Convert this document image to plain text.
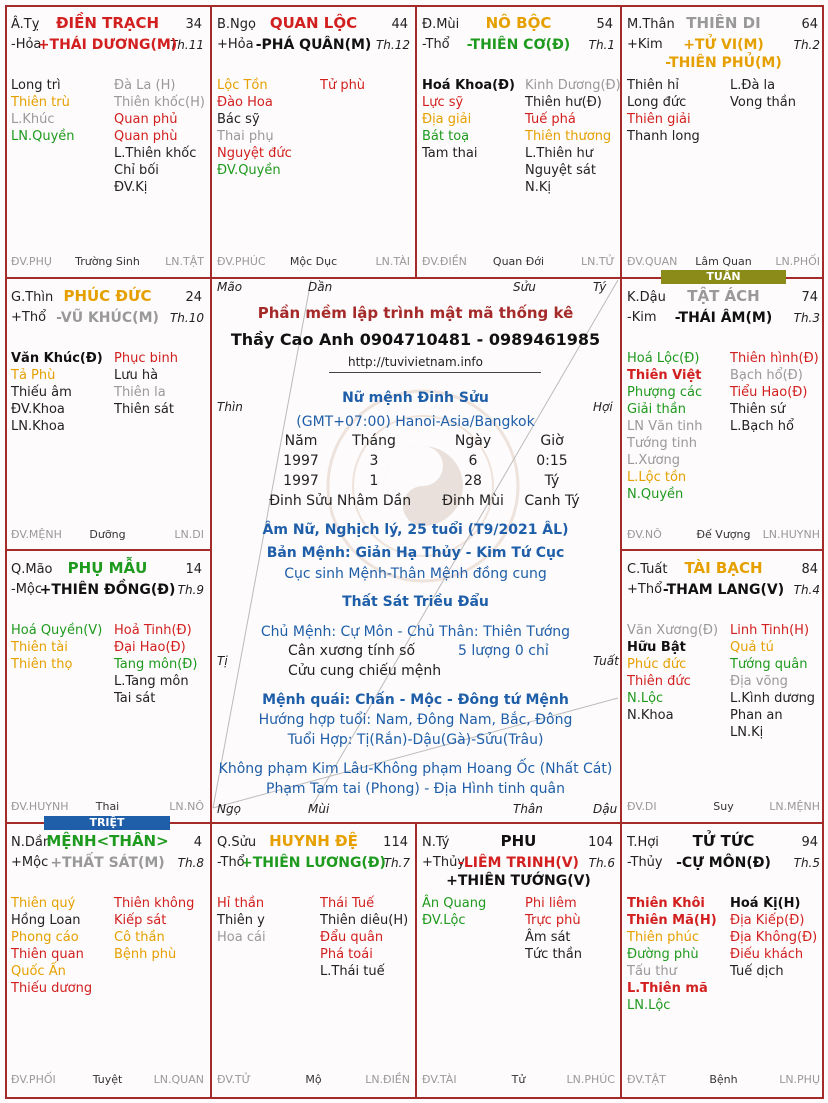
Â.Tỵ
-Hỏa
ĐIỀN TRẠCH	34
Th.11
+THÁI DƯƠNG(M)
Long trì
Thiên trù
L.Khúc
LN.Quyền
Đà La (H)
Thiên khốc(H)
Quan phủ
Quan phù
L.Thiên khốc
Chỉ bối
ĐV.Kị
ĐV.PHỤ	Trường Sinh	LN.TẬT
B.Ngọ
+Hỏa
QUAN LỘC	44
Th.12
-PHÁ QUÂN(M)
Lộc Tồn
Đào Hoa
Bác sỹ
Thai phụ
Nguyệt đức
ĐV.Quyền
Tử phù
ĐV.PHÚC	Mộc Dục	LN.TÀI
Đ.Mùi
-Thổ
NÔ BỘC	54
Th.1
-THIÊN CƠ(Đ)
Hoá Khoa(Đ)
Lực sỹ
Địa giải
Bát toạ
Tam thai
Kinh Dương(Đ)
Thiên hư(Đ)
Tuế phá
Thiên thương
L.Thiên hư
Nguyệt sát
N.Kị
ĐV.ĐIỀN	Quan Đới	LN.TỬ
M.Thân
+Kim
THIÊN DI	64
Th.2
+TỬ VI(M)
-THIÊN PHỦ(M)
Thiên hỉ
Long đức
Thiên giải
Thanh long
L.Đà la
Vong thần
ĐV.QUAN	Lâm Quan	LN.PHỐI
G.Thìn
+Thổ
PHÚC ĐỨC	24
Th.10
-VŨ KHÚC(M)
Văn Khúc(Đ)
Tả Phù
Thiếu âm
ĐV.Khoa
LN.Khoa
Phục binh
Lưu hà
Thiên la
Thiên sát
ĐV.MỆNH	Dưỡng	LN.DI
K.Dậu
-Kim
TẬT ÁCH	74
Th.3
-THÁI ÂM(M)
Hoá Lộc(Đ)
Thiên Việt
Phượng các
Giải thần
LN Văn tinh
Tướng tinh
L.Xương
L.Lộc tồn
N.Quyền
Thiên hình(Đ)
Bạch hổ(Đ)
Tiểu Hao(Đ)
Thiên sứ
L.Bạch hổ
ĐV.NÔ	Đế Vượng	LN.HUYNH
Q.Mão
-Mộc
PHỤ MẪU	14
Th.9
+THIÊN ĐỒNG(Đ)
Hoá Quyền(V)
Thiên tài
Thiên thọ
Hoả Tinh(Đ)
Đại Hao(Đ)
Tang môn(Đ)
L.Tang môn
Tai sát
ĐV.HUYNH	Thai	LN.NÔ
C.Tuất
+Thổ
TÀI BẠCH	84
Th.4
-THAM LANG(V)
Văn Xương(Đ)
Hữu Bật
Phúc đức
Thiên đức
N.Lộc
N.Khoa
Linh Tinh(H)
Quả tú
Tướng quân
Địa võng
L.Kình dương
Phan an
LN.Kị
ĐV.DI	Suy	LN.MỆNH
N.Dần
+Mộc
MỆNH<THÂN>	4
Th.8
+THẤT SÁT(M)
Thiên quý
Hồng Loan
Phong cáo
Thiên quan
Quốc Ấn
Thiếu dương
Thiên không
Kiếp sát
Cô thần
Bệnh phù
ĐV.PHỐI	Tuyệt	LN.QUAN
Q.Sửu
-Thổ
HUYNH ĐỆ	114
Th.7
+THIÊN LƯƠNG(Đ)
Hỉ thần
Thiên y
Hoa cái
Thái Tuế
Thiên diêu(H)
Đẩu quân
Phá toái
L.Thái tuế
ĐV.TỬ	Mộ	LN.ĐIỀN
N.Tý
+Thủy
PHU	104
Th.6
-LIÊM TRINH(V)
+THIÊN TƯỚNG(V)
Ân Quang
ĐV.Lộc
Phi liêm
Trực phù
Âm sát
Tức thần
ĐV.TÀI	Tử	LN.PHÚC
T.Hợi
-Thủy
TỬ TỨC	94
Th.5
-CỰ MÔN(Đ)
Thiên Khôi
Thiên Mã(H)
Thiên phúc
Đường phù
Tấu thư
L.Thiên mã
LN.Lộc
Hoá Kị(H)
Địa Kiếp(Đ)
Địa Không(Đ)
Điếu khách
Tuế dịch
ĐV.TẬT	Bệnh	LN.PHỤ
TUẦN
TRIỆT
Mão	Dần	Sửu	Tý
Thìn	Hợi
Tị	Tuất
Ngọ	Mùi	Thân	Dậu
Phần mềm lập trình mật mã thống kê
Thầy Cao Anh 0904710481 - 0989461985
http://tuvivietnam.info
Nữ mệnh Đinh Sửu
(GMT+07:00) Hanoi-Asia/Bangkok
Năm	Tháng	Ngày	Giờ
1997	3	6	0:15
1997	1	28	Tý
Đinh Sửu Nhâm Dần	Đinh Mùi	Canh Tý
Âm Nữ, Nghịch lý, 25 tuổi (T9/2021 ÂL)
Bản Mệnh: Giản Hạ Thủy - Kim Tứ Cục
Cục sinh Mệnh-Thân Mệnh đồng cung
Thất Sát Triều Đẩu
Chủ Mệnh: Cự Môn - Chủ Thân: Thiên Tướng
Cân xương tính số	5 lượng 0 chỉ
Cửu cung chiếu mệnh
Mệnh quái: Chấn - Mộc - Đông tứ Mệnh
Hướng hợp tuổi: Nam, Đông Nam, Bắc, Đông
Tuổi Hợp: Tị(Rắn)-Dậu(Gà)-Sửu(Trâu)
Không phạm Kim Lâu-Không phạm Hoang Ốc (Nhất Cát)
Phạm Tam tai (Phong) - Địa Hình tinh quân
